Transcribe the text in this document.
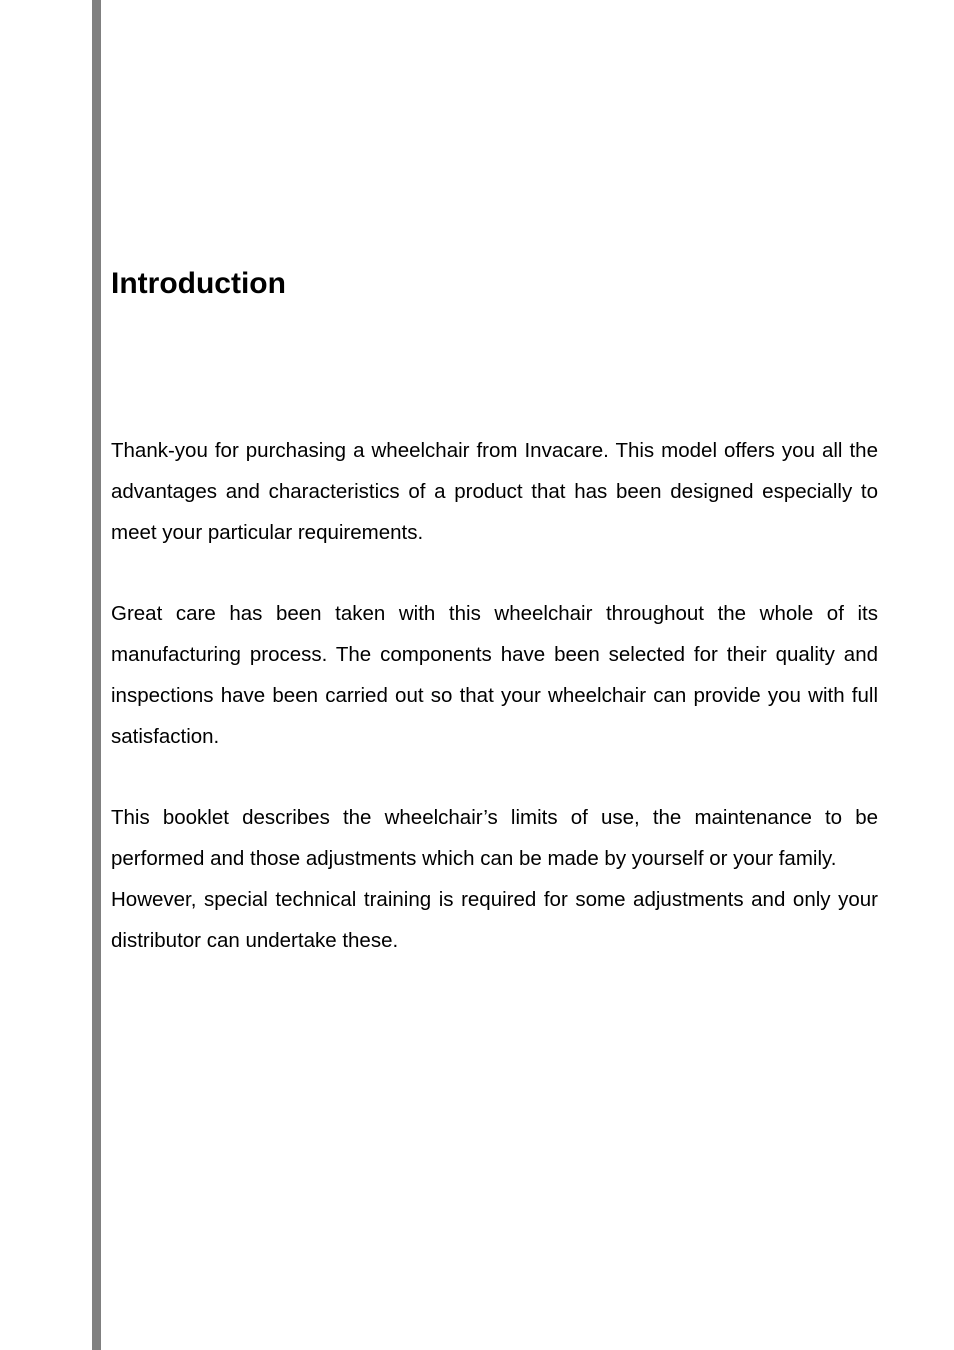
Introduction

Thank-you for purchasing a wheelchair from Invacare. This model offers you all the advantages and characteristics of a product that has been designed especially to meet your particular requirements.

Great care has been taken with this wheelchair throughout the whole of its manufacturing process. The components have been selected for their quality and inspections have been carried out so that your wheelchair can provide you with full satisfaction.

This booklet describes the wheelchair’s limits of use, the maintenance to be performed and those adjustments which can be made by yourself or your family.

However, special technical training is required for some adjustments and only your distributor can undertake these.
